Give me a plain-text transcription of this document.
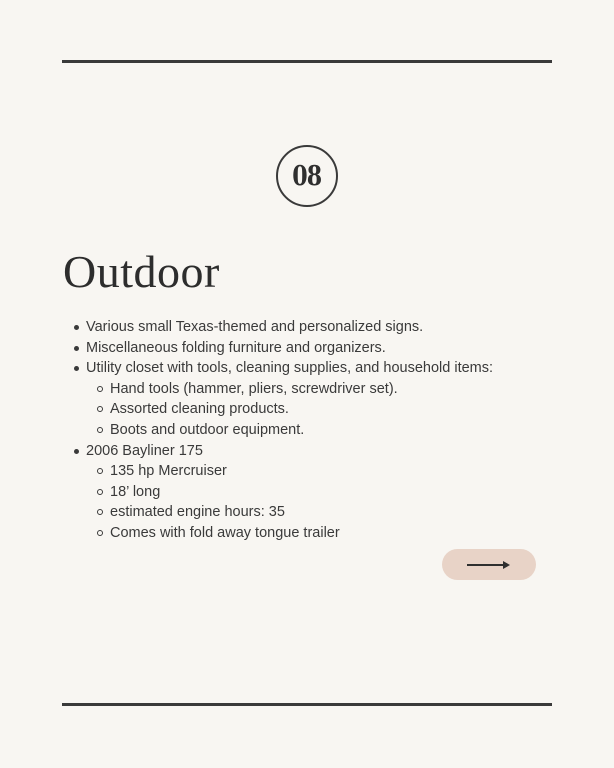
08
Outdoor
Various small Texas-themed and personalized signs.
Miscellaneous folding furniture and organizers.
Utility closet with tools, cleaning supplies, and household items:
Hand tools (hammer, pliers, screwdriver set).
Assorted cleaning products.
Boots and outdoor equipment.
2006 Bayliner 175
135 hp Mercruiser
18’ long
estimated engine hours: 35
Comes with fold away tongue trailer
